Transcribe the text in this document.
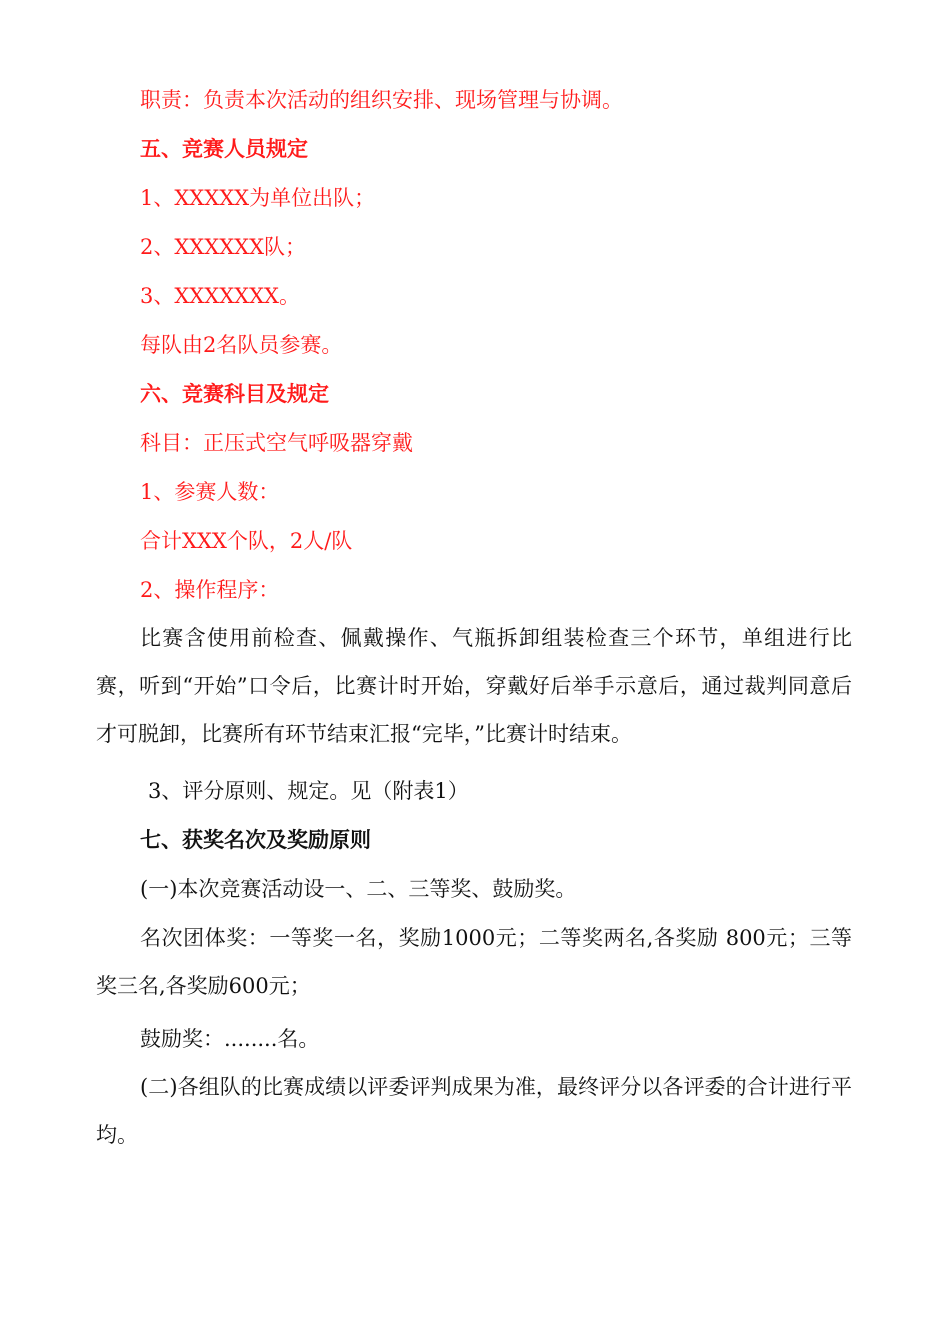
职责：负责本次活动的组织安排、现场管理与协调。
五、竞赛人员规定
1、XXXXX为单位出队；
2、XXXXXX队；
3、XXXXXXX。
每队由2名队员参赛。
六、竞赛科目及规定
科目：正压式空气呼吸器穿戴
1、参赛人数：
合计XXX个队，2人/队
2、操作程序：
比赛含使用前检查、佩戴操作、气瓶拆卸组装检查三个环节，单组进行比赛，听到“开始”口令后，比赛计时开始，穿戴好后举手示意后，通过裁判同意后才可脱卸，比赛所有环节结束汇报“完毕，”比赛计时结束。
3、评分原则、规定。见（附表1）
七、获奖名次及奖励原则
(一)本次竞赛活动设一、二、三等奖、鼓励奖。
名次团体奖：一等奖一名，奖励1000元；二等奖两名,各奖励 800元；三等奖三名,各奖励600元；
鼓励奖：........名。
(二)各组队的比赛成绩以评委评判成果为准，最终评分以各评委的合计进行平均。
